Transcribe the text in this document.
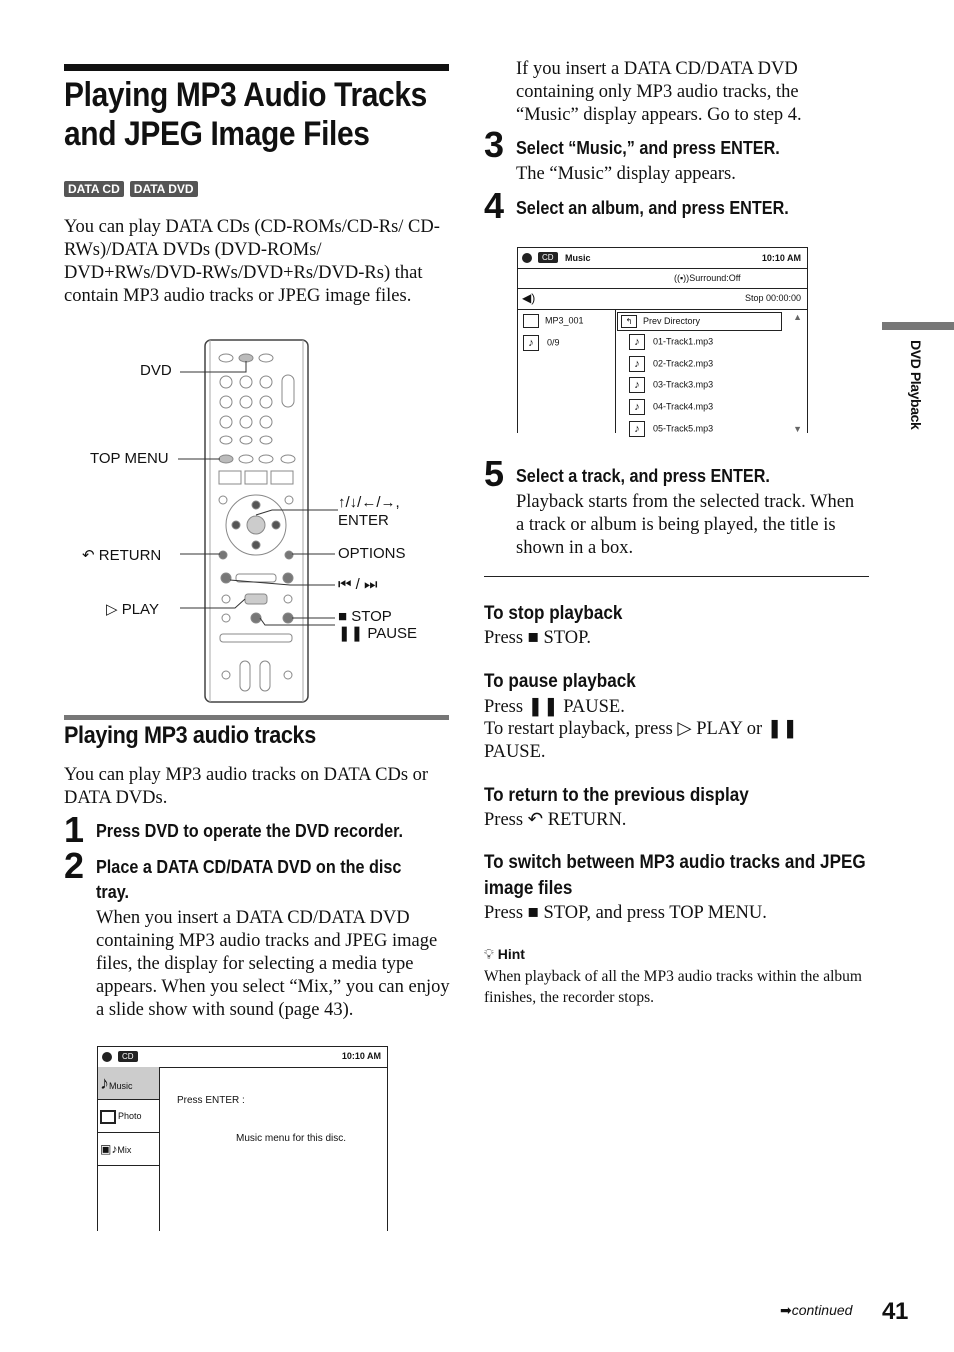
Playing MP3 Audio Tracks
and JPEG Image Files
DATA CD DATA DVD
You can play DATA CDs (CD-ROMs/CD-Rs/ CD-RWs)/DATA DVDs (DVD-ROMs/ DVD+RWs/DVD-RWs/DVD+Rs/DVD-Rs) that contain MP3 audio tracks or JPEG image files.
DVD
TOP MENU
↶ RETURN
▷ PLAY
↑/↓/←/→,
ENTER
OPTIONS
⏮ / ⏭
■ STOP
❚❚ PAUSE
Playing MP3 audio tracks
You can play MP3 audio tracks on DATA CDs or DATA DVDs.
1 Press DVD to operate the DVD recorder.
2 Place a DATA CD/DATA DVD on the disc tray.
When you insert a DATA CD/DATA DVD containing MP3 audio tracks and JPEG image files, the display for selecting a media type appears. When you select “Mix,” you can enjoy a slide show with sound (page 43).
CD	10:10 AM
♪Music
Photo
▣♪Mix
Press ENTER :
Music menu for this disc.
If you insert a DATA CD/DATA DVD containing only MP3 audio tracks, the “Music” display appears. Go to step 4.
3 Select “Music,” and press ENTER.
The “Music” display appears.
4 Select an album, and press ENTER.
CD	Music	10:10 AM
((▪))Surround:Off
◀)	Stop 00:00:00
MP3_001
♪ 0/9
↰ Prev Directory
♪ 01-Track1.mp3
♪ 02-Track2.mp3
♪ 03-Track3.mp3
♪ 04-Track4.mp3
♪ 05-Track5.mp3
▲
▼
5 Select a track, and press ENTER.
Playback starts from the selected track. When a track or album is being played, the title is shown in a box.
To stop playback
Press ■ STOP.
To pause playback
Press ❚❚ PAUSE.
To restart playback, press ▷ PLAY or ❚❚ PAUSE.
To return to the previous display
Press ↶ RETURN.
To switch between MP3 audio tracks and JPEG image files
Press ■ STOP, and press TOP MENU.
💡︎ Hint
When playback of all the MP3 audio tracks within the album finishes, the recorder stops.
DVD Playback
➡continued 41
